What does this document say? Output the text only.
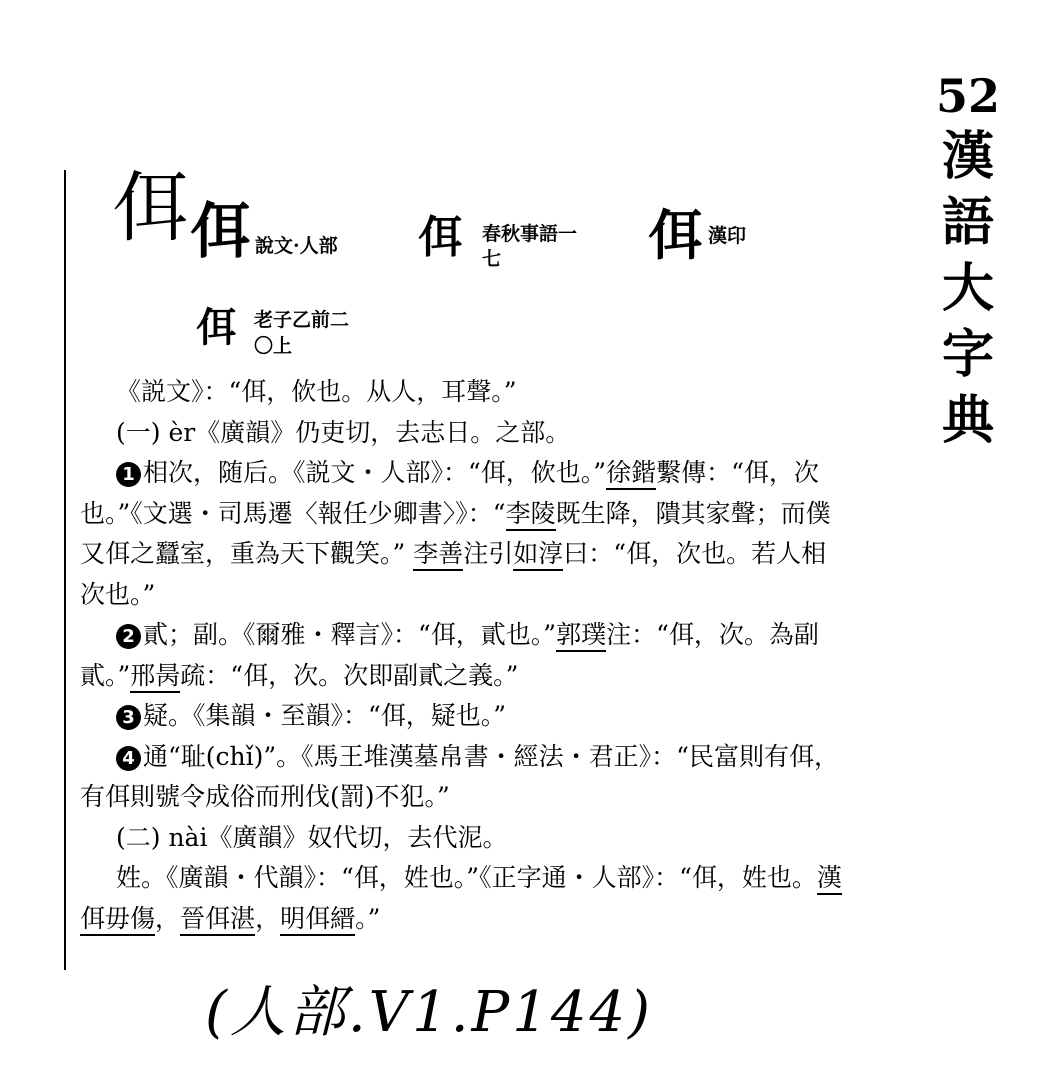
52
漢
語
大
字
典
佴 佴 說文·人部 佴 春秋事語一
七	佴 漢印
佴 老子乙前二
〇上

《説文》：“佴，佽也。从人，耳聲。”

(一) èr《廣韻》仍吏切，去志日。之部。

1 相次，随后。《説文・人部》：“佴，佽也。”徐鍇繫傳：“佴，次也。”《文選・司馬遷〈報任少卿書〉》：“李陵既生降，隤其家聲；而僕又佴之蠶室，重為天下觀笑。” 李善注引如淳曰：“佴，次也。若人相次也。”

2 貳；副。《爾雅・釋言》：“佴，貳也。”郭璞注：“佴，次。為副貳。”邢昺疏：“佴，次。次即副貳之義。”

3 疑。《集韻・至韻》：“佴，疑也。”

4 通“耻(chǐ)”。《馬王堆漢墓帛書・經法・君正》：“民富則有佴，有佴則號令成俗而刑伐(罰)不犯。”

(二) nài《廣韻》奴代切，去代泥。

姓。《廣韻・代韻》：“佴，姓也。”《正字通・人部》：“佴，姓也。漢佴毋傷，晉佴湛，明佴縉。”

(人部.V1.P144)
